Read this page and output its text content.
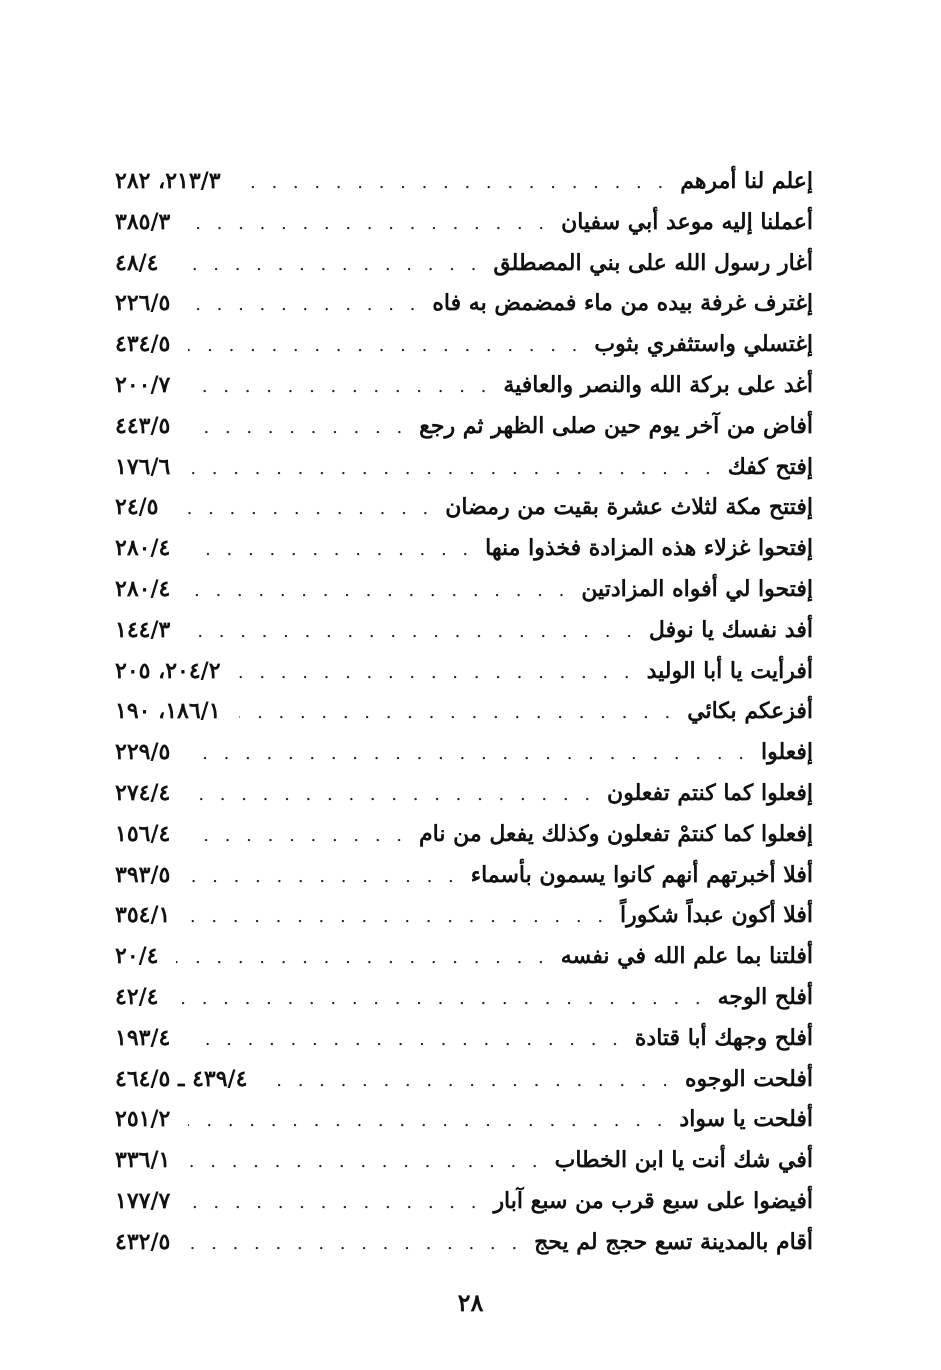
إعلم لنا أمرهم
. . .
٢١٣/٣، ٢٨٢
أعملنا إليه موعد أبي سفيان
. . .
٣٨٥/٣
أغار رسول الله على بني المصطلق
. . .
٤٨/٤
إغترف غرفة بيده من ماء فمضمض به فاه
. . .
٢٢٦/٥
إغتسلي واستثفري بثوب
. . .
٤٣٤/٥
أغد على بركة الله والنصر والعافية
. . .
٢٠٠/٧
أفاض من آخر يوم حين صلى الظهر ثم رجع
. . .
٤٤٣/٥
إفتح كفك
. . .
١٧٦/٦
إفتتح مكة لثلاث عشرة بقيت من رمضان
. . .
٢٤/٥
إفتحوا غزلاء هذه المزادة فخذوا منها
. . .
٢٨٠/٤
إفتحوا لي أفواه المزادتين
. . .
٢٨٠/٤
أفد نفسك يا نوفل
. . .
١٤٤/٣
أفرأيت يا أبا الوليد
. . .
٢٠٤/٢، ٢٠٥
أفزعكم بكائي
. . .
١٨٦/١، ١٩٠
إفعلوا
. . .
٢٢٩/٥
إفعلوا كما كنتم تفعلون
. . .
٢٧٤/٤
إفعلوا كما كنتمْ تفعلون وكذلك يفعل من نام
. . .
١٥٦/٤
أفلا أخبرتهم أنهم كانوا يسمون بأسماء
. . .
٣٩٣/٥
أفلا أكون عبداً شكوراً
. . .
٣٥٤/١
أفلتنا بما علم الله في نفسه
. . .
٢٠/٤
أفلح الوجه
. . .
٤٢/٤
أفلح وجهك أبا قتادة
. . .
١٩٣/٤
أفلحت الوجوه
. . .
٤٣٩/٤ ـ ٤٦٤/٥
أفلحت يا سواد
. . .
٢٥١/٢
أفي شك أنت يا ابن الخطاب
. . .
٣٣٦/١
أفيضوا على سبع قرب من سبع آبار
. . .
١٧٧/٧
أقام بالمدينة تسع حجج لم يحج
. . .
٤٣٢/٥
٢٨
